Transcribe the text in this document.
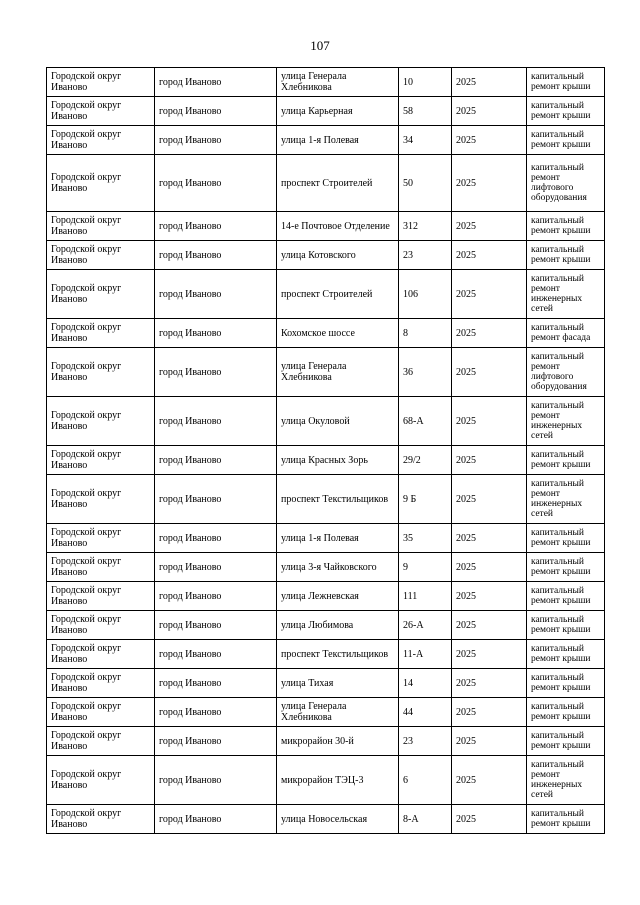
107
Городской округ Иваново	город Иваново	улица Генерала Хлебникова	10	2025	капитальный ремонт крыши
Городской округ Иваново	город Иваново	улица Карьерная	58	2025	капитальный ремонт крыши
Городской округ Иваново	город Иваново	улица 1-я Полевая	34	2025	капитальный ремонт крыши
Городской округ Иваново	город Иваново	проспект Строителей	50	2025	капитальный ремонт лифтового оборудования
Городской округ Иваново	город Иваново	14-е Почтовое Отделение	312	2025	капитальный ремонт крыши
Городской округ Иваново	город Иваново	улица Котовского	23	2025	капитальный ремонт крыши
Городской округ Иваново	город Иваново	проспект Строителей	106	2025	капитальный ремонт инженерных сетей
Городской округ Иваново	город Иваново	Кохомское шоссе	8	2025	капитальный ремонт фасада
Городской округ Иваново	город Иваново	улица Генерала Хлебникова	36	2025	капитальный ремонт лифтового оборудования
Городской округ Иваново	город Иваново	улица Окуловой	68-А	2025	капитальный ремонт инженерных сетей
Городской округ Иваново	город Иваново	улица Красных Зорь	29/2	2025	капитальный ремонт крыши
Городской округ Иваново	город Иваново	проспект Текстильщиков	9 Б	2025	капитальный ремонт инженерных сетей
Городской округ Иваново	город Иваново	улица 1-я Полевая	35	2025	капитальный ремонт крыши
Городской округ Иваново	город Иваново	улица 3-я Чайковского	9	2025	капитальный ремонт крыши
Городской округ Иваново	город Иваново	улица Лежневская	111	2025	капитальный ремонт крыши
Городской округ Иваново	город Иваново	улица Любимова	26-А	2025	капитальный ремонт крыши
Городской округ Иваново	город Иваново	проспект Текстильщиков	11-А	2025	капитальный ремонт крыши
Городской округ Иваново	город Иваново	улица Тихая	14	2025	капитальный ремонт крыши
Городской округ Иваново	город Иваново	улица Генерала Хлебникова	44	2025	капитальный ремонт крыши
Городской округ Иваново	город Иваново	микрорайон 30-й	23	2025	капитальный ремонт крыши
Городской округ Иваново	город Иваново	микрорайон ТЭЦ-3	6	2025	капитальный ремонт инженерных сетей
Городской округ Иваново	город Иваново	улица Новосельская	8-А	2025	капитальный ремонт крыши
